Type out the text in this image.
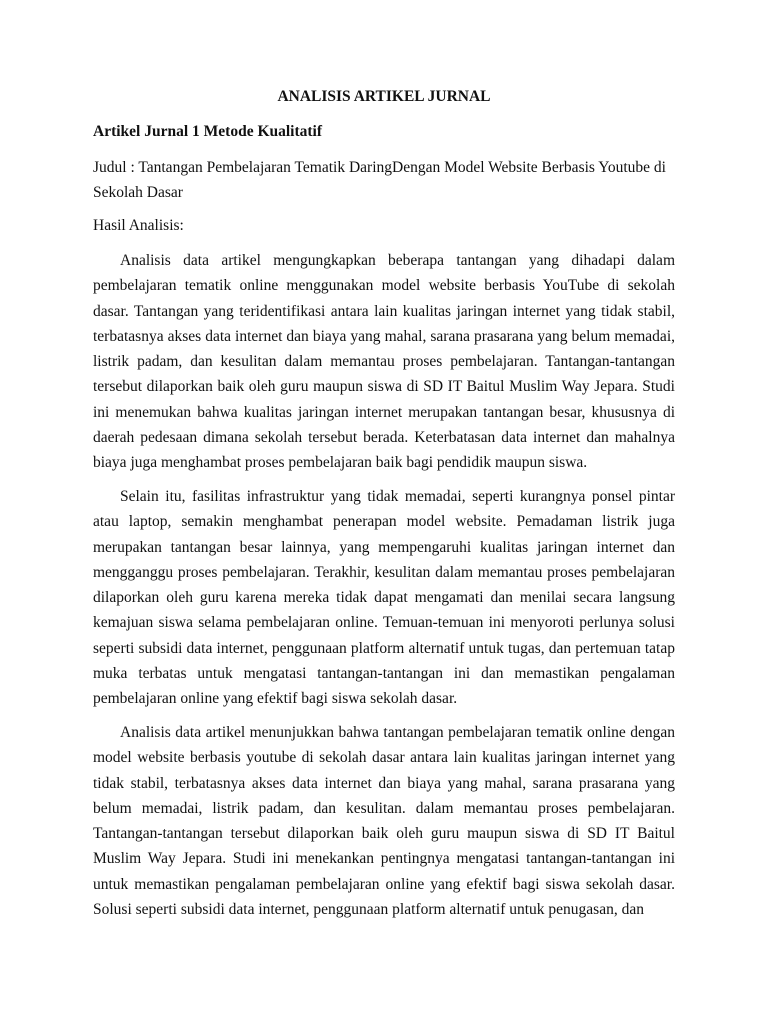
ANALISIS ARTIKEL JURNAL

Artikel Jurnal 1 Metode Kualitatif

Judul : Tantangan Pembelajaran Tematik DaringDengan Model Website Berbasis Youtube di Sekolah Dasar

Hasil Analisis:

Analisis data artikel mengungkapkan beberapa tantangan yang dihadapi dalam pembelajaran tematik online menggunakan model website berbasis YouTube di sekolah dasar. Tantangan yang teridentifikasi antara lain kualitas jaringan internet yang tidak stabil, terbatasnya akses data internet dan biaya yang mahal, sarana prasarana yang belum memadai, listrik padam, dan kesulitan dalam memantau proses pembelajaran. Tantangan-tantangan tersebut dilaporkan baik oleh guru maupun siswa di SD IT Baitul Muslim Way Jepara. Studi ini menemukan bahwa kualitas jaringan internet merupakan tantangan besar, khususnya di daerah pedesaan dimana sekolah tersebut berada. Keterbatasan data internet dan mahalnya biaya juga menghambat proses pembelajaran baik bagi pendidik maupun siswa.

Selain itu, fasilitas infrastruktur yang tidak memadai, seperti kurangnya ponsel pintar atau laptop, semakin menghambat penerapan model website. Pemadaman listrik juga merupakan tantangan besar lainnya, yang mempengaruhi kualitas jaringan internet dan mengganggu proses pembelajaran. Terakhir, kesulitan dalam memantau proses pembelajaran dilaporkan oleh guru karena mereka tidak dapat mengamati dan menilai secara langsung kemajuan siswa selama pembelajaran online. Temuan-temuan ini menyoroti perlunya solusi seperti subsidi data internet, penggunaan platform alternatif untuk tugas, dan pertemuan tatap muka terbatas untuk mengatasi tantangan-tantangan ini dan memastikan pengalaman pembelajaran online yang efektif bagi siswa sekolah dasar.

Analisis data artikel menunjukkan bahwa tantangan pembelajaran tematik online dengan model website berbasis youtube di sekolah dasar antara lain kualitas jaringan internet yang tidak stabil, terbatasnya akses data internet dan biaya yang mahal, sarana prasarana yang belum memadai, listrik padam, dan kesulitan. dalam memantau proses pembelajaran. Tantangan-tantangan tersebut dilaporkan baik oleh guru maupun siswa di SD IT Baitul Muslim Way Jepara. Studi ini menekankan pentingnya mengatasi tantangan-tantangan ini untuk memastikan pengalaman pembelajaran online yang efektif bagi siswa sekolah dasar. Solusi seperti subsidi data internet, penggunaan platform alternatif untuk penugasan, dan
